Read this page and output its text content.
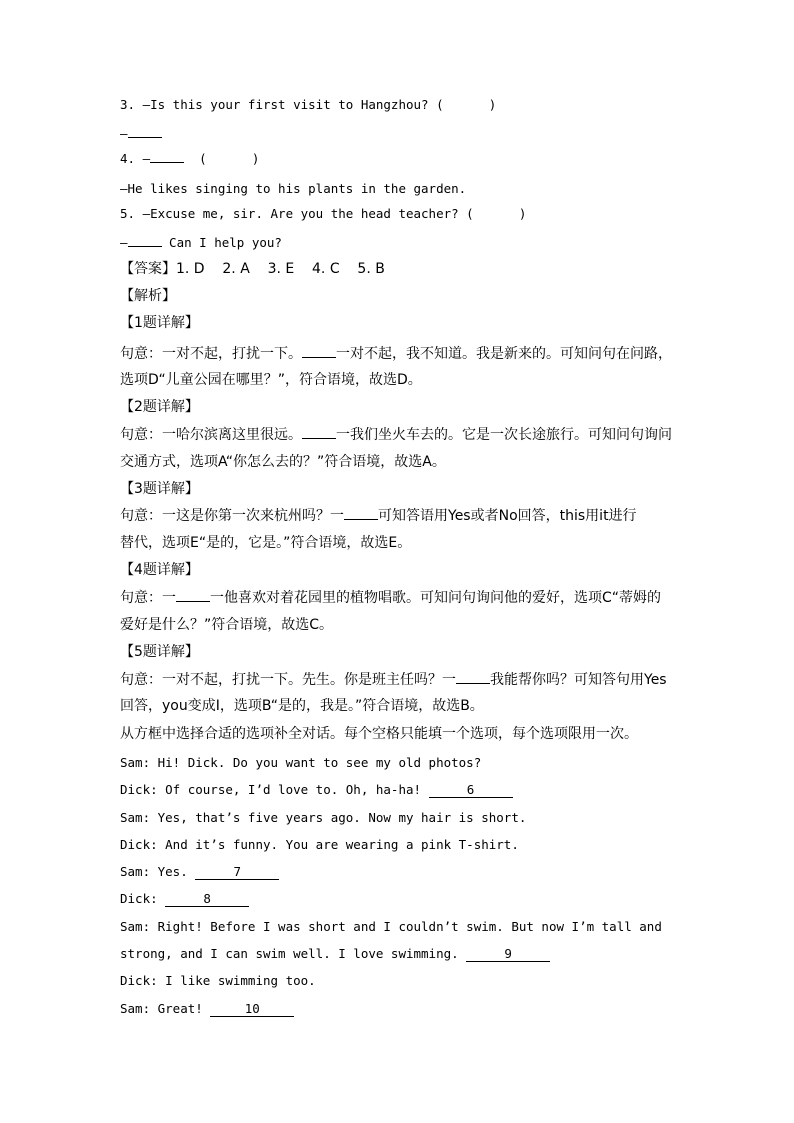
3. —Is this your first visit to Hangzhou? (      )
—
4. —	(      )
—He likes singing to his plants in the garden.
5. —Excuse me, sir. Are you the head teacher? (      )
—	Can I help you?
【答案】1. D    2. A    3. E    4. C    5. B
【解析】
【1题详解】
句意：一对不起，打扰一下。 一对不起，我不知道。我是新来的。可知问句在问路，
选项D“儿童公园在哪里？”，符合语境，故选D。
【2题详解】
句意：一哈尔滨离这里很远。 一我们坐火车去的。它是一次长途旅行。可知问句询问
交通方式，选项A“你怎么去的？”符合语境，故选A。
【3题详解】
句意：一这是你第一次来杭州吗？一 可知答语用Yes或者No回答，this用it进行
替代，选项E“是的，它是。”符合语境，故选E。
【4题详解】
句意：一 一他喜欢对着花园里的植物唱歌。可知问句询问他的爱好，选项C“蒂姆的
爱好是什么？”符合语境，故选C。
【5题详解】
句意：一对不起，打扰一下。先生。你是班主任吗？一 我能帮你吗？可知答句用Yes
回答，you变成I，选项B“是的，我是。”符合语境，故选B。
从方框中选择合适的选项补全对话。每个空格只能填一个选项，每个选项限用一次。
Sam: Hi! Dick. Do you want to see my old photos?
Dick: Of course, I’d love to. Oh, ha-ha!	6
Sam: Yes, that’s five years ago. Now my hair is short.
Dick: And it’s funny. You are wearing a pink T-shirt.
Sam: Yes.	7
Dick:	8
Sam: Right! Before I was short and I couldn’t swim. But now I’m tall and
strong, and I can swim well. I love swimming.	9
Dick: I like swimming too.
Sam: Great!	10
